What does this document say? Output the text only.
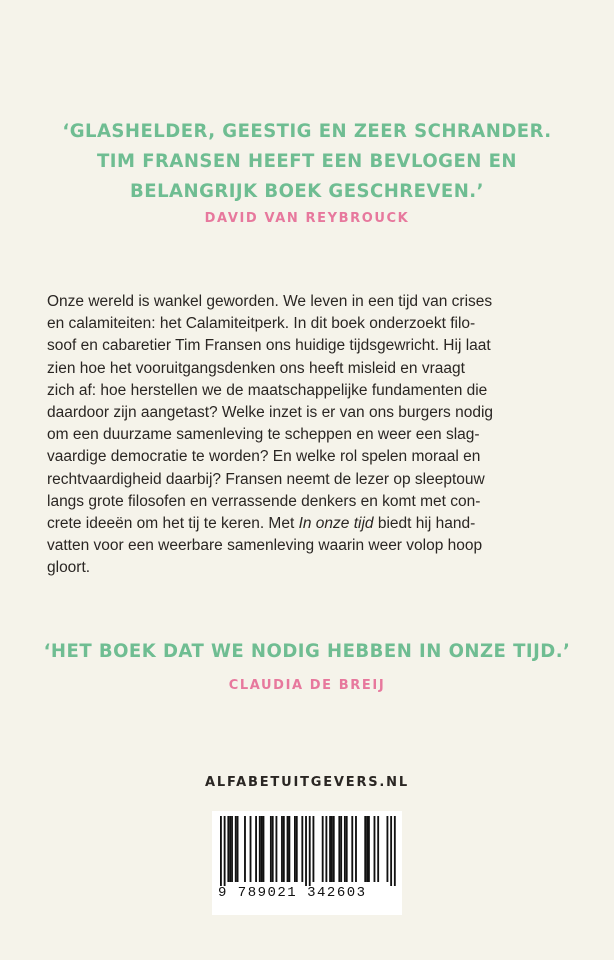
‘GLASHELDER, GEESTIG EN ZEER SCHRANDER.
TIM FRANSEN HEEFT EEN BEVLOGEN EN
BELANGRIJK BOEK GESCHREVEN.’
DAVID VAN REYBROUCK
Onze wereld is wankel geworden. We leven in een tijd van crises
en calamiteiten: het Calamiteitperk. In dit boek onderzoekt filo-
soof en cabaretier Tim Fransen ons huidige tijdsgewricht. Hij laat
zien hoe het vooruitgangsdenken ons heeft misleid en vraagt
zich af: hoe herstellen we de maatschappelijke fundamenten die
daardoor zijn aangetast? Welke inzet is er van ons burgers nodig
om een duurzame samenleving te scheppen en weer een slag-
vaardige democratie te worden? En welke rol spelen moraal en
rechtvaardigheid daarbij? Fransen neemt de lezer op sleeptouw
langs grote filosofen en verrassende denkers en komt met con-
crete ideeën om het tij te keren. Met In onze tijd biedt hij hand-
vatten voor een weerbare samenleving waarin weer volop hoop
gloort.
‘HET BOEK DAT WE NODIG HEBBEN IN ONZE TIJD.’
CLAUDIA DE BREIJ
ALFABETUITGEVERS.NL
9 789021 342603
